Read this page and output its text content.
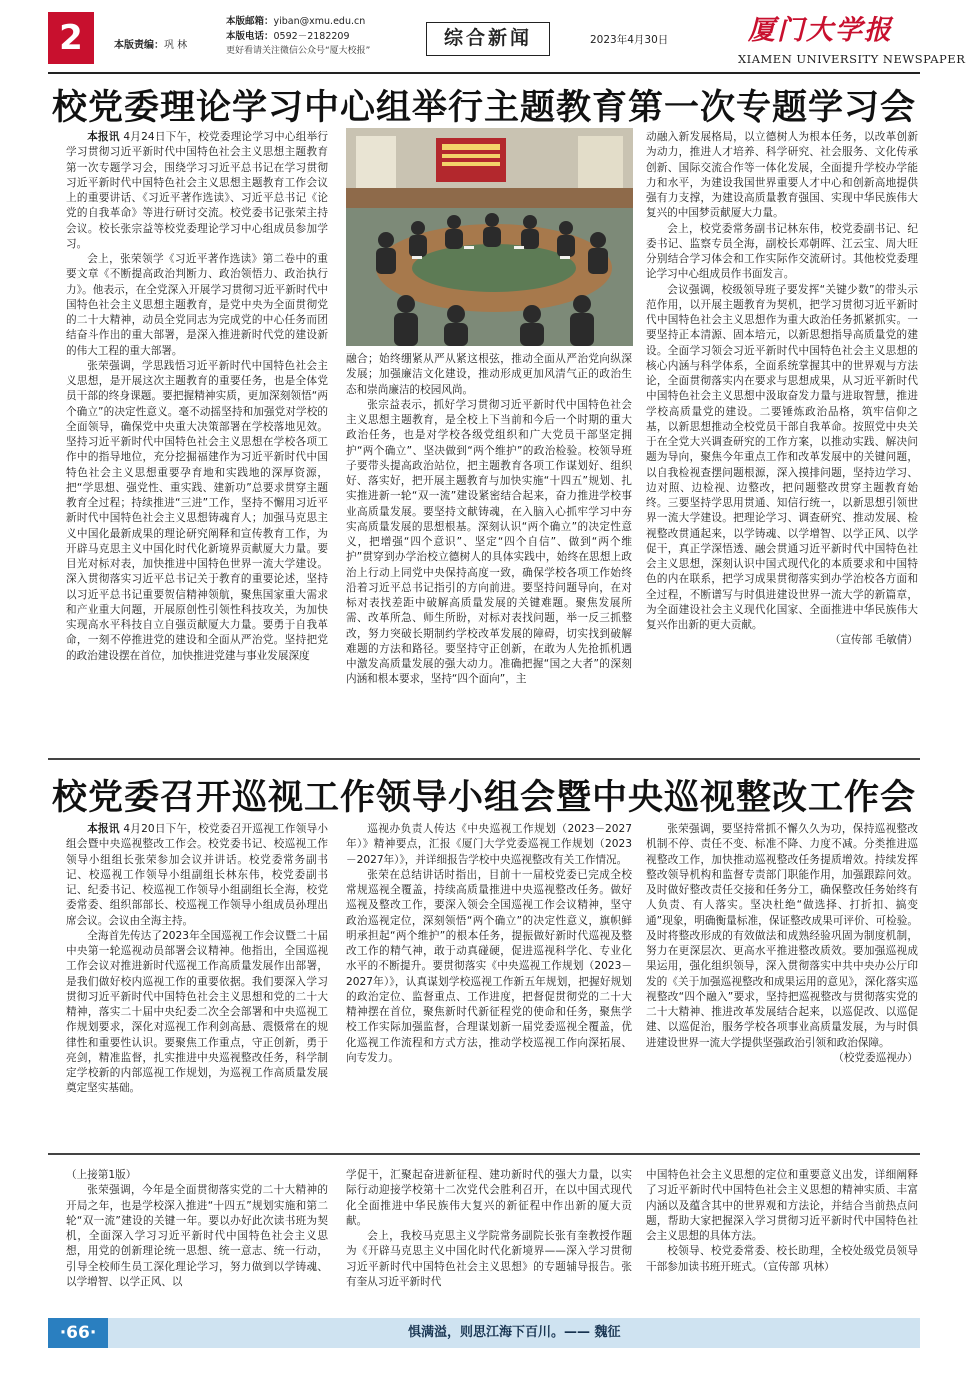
2	本版责编：巩 林
本版邮箱：yiban@xmu.edu.cn
本版电话：0592－2182209
更好看请关注微信公众号“厦大校报”
综合新闻	2023年4月30日	厦门大学报
XIAMEN UNIVERSITY NEWSPAPER
校党委理论学习中心组举行主题教育第一次专题学习会

本报讯 4月24日下午，校党委理论学习中心组举行学习贯彻习近平新时代中国特色社会主义思想主题教育第一次专题学习会，围绕学习习近平总书记在学习贯彻习近平新时代中国特色社会主义思想主题教育工作会议上的重要讲话、《习近平著作选读》、习近平总书记《论党的自我革命》等进行研讨交流。校党委书记张荣主持会议。校长张宗益等校党委理论学习中心组成员参加学习。

会上，张荣领学《习近平著作选读》第二卷中的重要文章《不断提高政治判断力、政治领悟力、政治执行力》。他表示，在全党深入开展学习贯彻习近平新时代中国特色社会主义思想主题教育，是党中央为全面贯彻党的二十大精神，动员全党同志为完成党的中心任务而团结奋斗作出的重大部署，是深入推进新时代党的建设新的伟大工程的重大部署。

张荣强调，学思践悟习近平新时代中国特色社会主义思想，是开展这次主题教育的重要任务，也是全体党员干部的终身课题。要把握精神实质，更加深刻领悟“两个确立”的决定性意义。毫不动摇坚持和加强党对学校的全面领导，确保党中央重大决策部署在学校落地见效。坚持习近平新时代中国特色社会主义思想在学校各项工作中的指导地位，充分挖掘福建作为习近平新时代中国特色社会主义思想重要孕育地和实践地的深厚资源，把“学思想、强党性、重实践、建新功”总要求贯穿主题教育全过程；持续推进“三进”工作，坚持不懈用习近平新时代中国特色社会主义思想铸魂育人；加强马克思主义中国化最新成果的理论研究阐释和宣传教育工作，为开辟马克思主义中国化时代化新境界贡献厦大力量。要目光对标对表，加快推进中国特色世界一流大学建设。深入贯彻落实习近平总书记关于教育的重要论述，坚持以习近平总书记重要贺信精神领航，聚焦国家重大需求和产业重大问题，开展原创性引领性科技攻关，为加快实现高水平科技自立自强贡献厦大力量。要勇于自我革命，一刻不停推进党的建设和全面从严治党。坚持把党的政治建设摆在首位，加快推进党建与事业发展深度

融合；始终绷紧从严从紧这根弦，推动全面从严治党向纵深发展；加强廉洁文化建设，推动形成更加风清气正的政治生态和崇尚廉洁的校园风尚。

张宗益表示，抓好学习贯彻习近平新时代中国特色社会主义思想主题教育，是全校上下当前和今后一个时期的重大政治任务，也是对学校各级党组织和广大党员干部坚定拥护“两个确立”、坚决做到“两个维护”的政治检验。校领导班子要带头提高政治站位，把主题教育各项工作谋划好、组织好、落实好，把开展主题教育与加快实施“十四五”规划、扎实推进新一轮“双一流”建设紧密结合起来，奋力推进学校事业高质量发展。要坚持文献铸魂，在入脑入心抓牢学习中夯实高质量发展的思想根基。深刻认识“两个确立”的决定性意义，把增强“四个意识”、坚定“四个自信”、做到“两个维护”贯穿到办学治校立德树人的具体实践中，始终在思想上政治上行动上同党中央保持高度一致，确保学校各项工作始终沿着习近平总书记指引的方向前进。要坚持问题导向，在对标对表找差距中破解高质量发展的关键难题。聚焦发展所需、改革所急、师生所盼，对标对表找问题，举一反三抓整改，努力突破长期制约学校改革发展的障碍，切实找到破解难题的方法和路径。要坚持守正创新，在敢为人先抢抓机遇中激发高质量发展的强大动力。准确把握“国之大者”的深刻内涵和根本要求，坚持“四个面向”，主

动融入新发展格局，以立德树人为根本任务，以改革创新为动力，推进人才培养、科学研究、社会服务、文化传承创新、国际交流合作等一体化发展，全面提升学校办学能力和水平，为建设我国世界重要人才中心和创新高地提供强有力支撑，为建设高质量教育强国、实现中华民族伟大复兴的中国梦贡献厦大力量。

会上，校党委常务副书记林东伟，校党委副书记、纪委书记、监察专员全海，副校长邓朝晖、江云宝、周大旺分别结合学习体会和工作实际作交流研讨。其他校党委理论学习中心组成员作书面发言。

会议强调，校级领导班子要发挥“关键少数”的带头示范作用，以开展主题教育为契机，把学习贯彻习近平新时代中国特色社会主义思想作为重大政治任务抓紧抓实。一要坚持正本清源、固本培元，以新思想指导高质量党的建设。全面学习领会习近平新时代中国特色社会主义思想的核心内涵与科学体系，全面系统掌握其中的世界观与方法论，全面贯彻落实内在要求与思想成果，从习近平新时代中国特色社会主义思想中汲取奋发力量与进取智慧，推进学校高质量党的建设。二要锤炼政治品格，筑牢信仰之基，以新思想推动全校党员干部自我革命。按照党中央关于在全党大兴调查研究的工作方案，以推动实践、解决问题为导向，聚焦今年重点工作和改革发展中的关键问题，以自我检视查摆问题根源，深入摸排问题，坚持边学习、边对照、边检视、边整改，把问题整改贯穿主题教育始终。三要坚持学思用贯通、知信行统一，以新思想引领世界一流大学建设。把理论学习、调查研究、推动发展、检视整改贯通起来，以学铸魂、以学增智、以学正风、以学促干，真正学深悟透、融会贯通习近平新时代中国特色社会主义思想，深刻认识中国式现代化的本质要求和中国特色的内在联系，把学习成果贯彻落实到办学治校各方面和全过程，不断谱写与时俱进建设世界一流大学的新篇章，为全面建设社会主义现代化国家、全面推进中华民族伟大复兴作出新的更大贡献。

（宣传部 毛敏倩）

校党委召开巡视工作领导小组会暨中央巡视整改工作会

本报讯 4月20日下午，校党委召开巡视工作领导小组会暨中央巡视整改工作会。校党委书记、校巡视工作领导小组组长张荣参加会议并讲话。校党委常务副书记、校巡视工作领导小组副组长林东伟，校党委副书记、纪委书记、校巡视工作领导小组副组长全海，校党委常委、组织部部长、校巡视工作领导小组成员孙理出席会议。会议由全海主持。

全海首先传达了2023年全国巡视工作会议暨二十届中央第一轮巡视动员部署会议精神。他指出，全国巡视工作会议对推进新时代巡视工作高质量发展作出部署，是我们做好校内巡视工作的重要依据。我们要深入学习贯彻习近平新时代中国特色社会主义思想和党的二十大精神，落实二十届中央纪委二次全会部署和中央巡视工作规划要求，深化对巡视工作利剑高悬、震慑常在的规律性和重要性认识。要聚焦工作重点，守正创新，勇于亮剑，精准监督，扎实推进中央巡视整改任务，科学制定学校新的内部巡视工作规划，为巡视工作高质量发展奠定坚实基础。

巡视办负责人传达《中央巡视工作规划（2023－2027年）》精神要点，汇报《厦门大学党委巡视工作规划（2023－2027年）》，并详细报告学校中央巡视整改有关工作情况。

张荣在总结讲话时指出，目前十一届校党委已完成全校常规巡视全覆盖，持续高质量推进中央巡视整改任务。做好巡视及整改工作，要深入领会全国巡视工作会议精神，坚守政治巡视定位，深刻领悟“两个确立”的决定性意义，旗帜鲜明承担起“两个维护”的根本任务，提振做好新时代巡视及整改工作的精气神，敢于动真碰硬，促进巡视科学化、专业化水平的不断提升。要贯彻落实《中央巡视工作规划（2023－2027年）》，认真谋划学校巡视工作新五年规划，把握好规划的政治定位、监督重点、工作进度，把督促贯彻党的二十大精神摆在首位，聚焦新时代新征程党的使命和任务，聚焦学校工作实际加强监督，合理谋划新一届党委巡视全覆盖，优化巡视工作流程和方式方法，推动学校巡视工作向深拓展、向专发力。

张荣强调，要坚持常抓不懈久久为功，保持巡视整改机制不停、责任不变、标准不降、力度不减。分类推进巡视整改工作，加快推动巡视整改任务提质增效。持续发挥整改领导机构和监督专责部门职能作用，加强跟踪问效。及时做好整改责任交接和任务分工，确保整改任务始终有人负责、有人落实。坚决杜绝“做选择、打折扣、搞变通”现象，明确衡量标准，保证整改成果可评价、可检验。及时将整改形成的有效做法和成熟经验巩固为制度机制，努力在更深层次、更高水平推进整改质效。要加强巡视成果运用，强化组织领导，深入贯彻落实中共中央办公厅印发的《关于加强巡视整改和成果运用的意见》，深化落实巡视整改“四个融入”要求，坚持把巡视整改与贯彻落实党的二十大精神、推进改革发展结合起来，以巡促改、以巡促建、以巡促治，服务学校各项事业高质量发展，为与时俱进建设世界一流大学提供坚强政治引领和政治保障。

（校党委巡视办）

（上接第1版）

张荣强调，今年是全面贯彻落实党的二十大精神的开局之年，也是学校深入推进“十四五”规划实施和第二轮“双一流”建设的关键一年。要以办好此次读书班为契机，全面深入学习习近平新时代中国特色社会主义思想，用党的创新理论统一思想、统一意志、统一行动，引导全校师生员工深化理论学习，努力做到以学铸魂、以学增智、以学正风、以

学促干，汇聚起奋进新征程、建功新时代的强大力量，以实际行动迎接学校第十二次党代会胜利召开，在以中国式现代化全面推进中华民族伟大复兴的新征程中作出新的厦大贡献。

会上，我校马克思主义学院常务副院长张有奎教授作题为《开辟马克思主义中国化时代化新境界——深入学习贯彻习近平新时代中国特色社会主义思想》的专题辅导报告。张有奎从习近平新时代

中国特色社会主义思想的定位和重要意义出发，详细阐释了习近平新时代中国特色社会主义思想的精神实质、丰富内涵以及蕴含其中的世界观和方法论，并结合当前热点问题，帮助大家把握深入学习贯彻习近平新时代中国特色社会主义思想的具体方法。

校领导、校党委常委、校长助理，全校处级党员领导干部参加读书班开班式。（宣传部 巩林）

·66·	惧满溢，则思江海下百川。—— 魏征
